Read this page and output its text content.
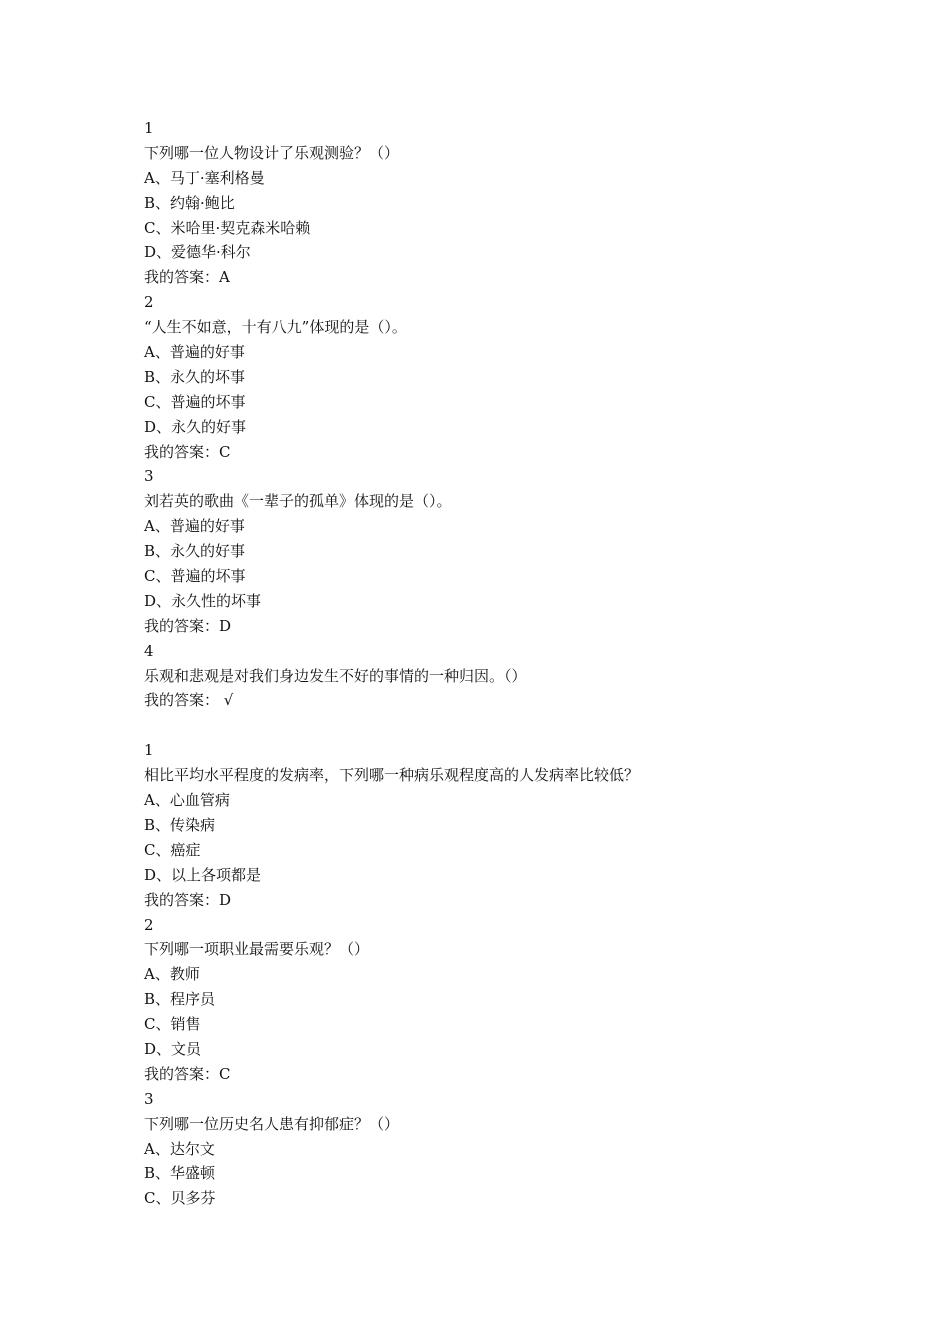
1
下列哪一位人物设计了乐观测验？（）
A、马丁·塞利格曼
B、约翰·鲍比
C、米哈里·契克森米哈赖
D、爱德华·科尔
我的答案：A
2
“人生不如意，十有八九”体现的是（）。
A、普遍的好事
B、永久的坏事
C、普遍的坏事
D、永久的好事
我的答案：C
3
刘若英的歌曲《一辈子的孤单》体现的是（）。
A、普遍的好事
B、永久的好事
C、普遍的坏事
D、永久性的坏事
我的答案：D
4
乐观和悲观是对我们身边发生不好的事情的一种归因。（）
我的答案： √
1
相比平均水平程度的发病率，下列哪一种病乐观程度高的人发病率比较低？
A、心血管病
B、传染病
C、癌症
D、以上各项都是
我的答案：D
2
下列哪一项职业最需要乐观？（）
A、教师
B、程序员
C、销售
D、文员
我的答案：C
3
下列哪一位历史名人患有抑郁症？（）
A、达尔文
B、华盛顿
C、贝多芬
